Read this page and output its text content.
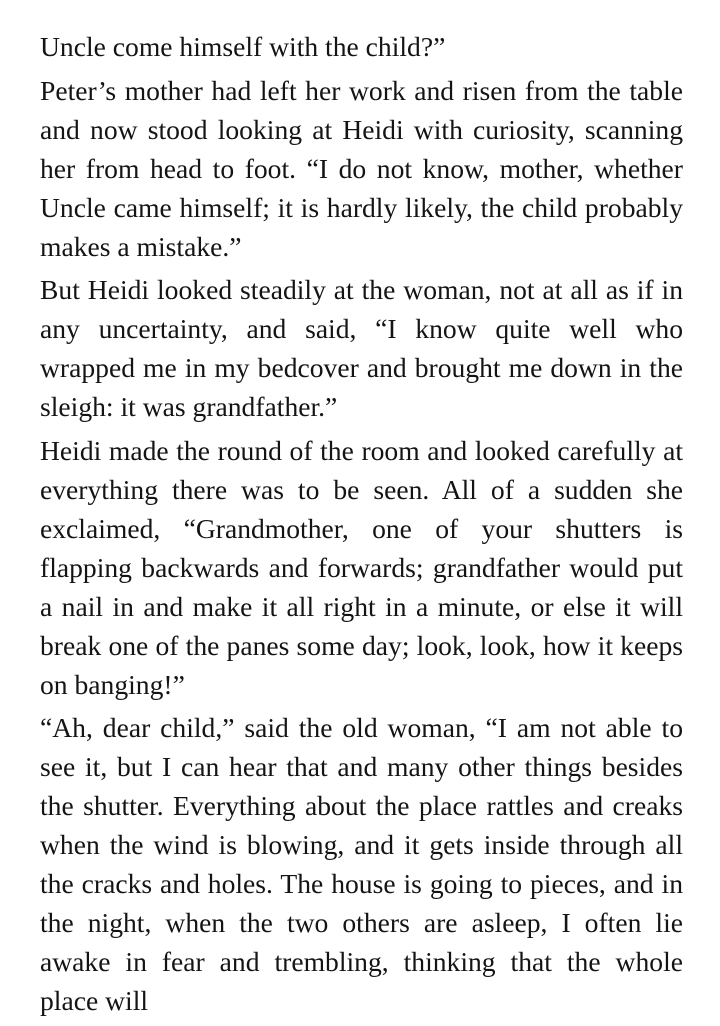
Uncle come himself with the child?”

Peter’s mother had left her work and risen from the table and now stood looking at Heidi with curiosity, scanning her from head to foot. “I do not know, mother, whether Uncle came himself; it is hardly likely, the child probably makes a mistake.”

But Heidi looked steadily at the woman, not at all as if in any uncertainty, and said, “I know quite well who wrapped me in my bedcover and brought me down in the sleigh: it was grandfather.”

Heidi made the round of the room and looked carefully at everything there was to be seen. All of a sudden she exclaimed, “Grandmother, one of your shutters is flapping backwards and forwards; grandfather would put a nail in and make it all right in a minute, or else it will break one of the panes some day; look, look, how it keeps on banging!”

“Ah, dear child,” said the old woman, “I am not able to see it, but I can hear that and many other things besides the shutter. Everything about the place rattles and creaks when the wind is blowing, and it gets inside through all the cracks and holes. The house is going to pieces, and in the night, when the two others are asleep, I often lie awake in fear and trembling, thinking that the whole place will
